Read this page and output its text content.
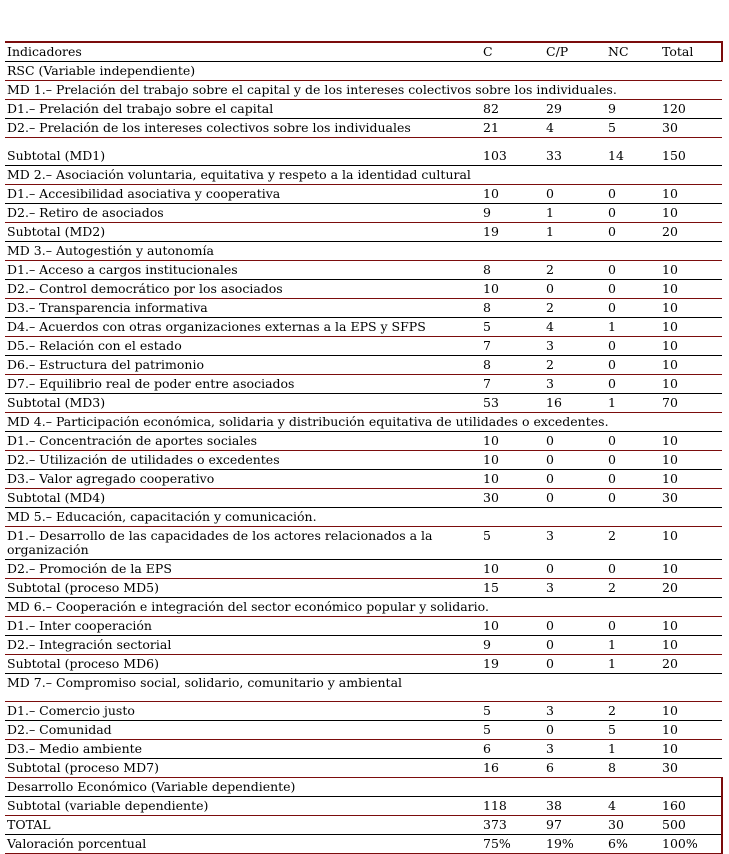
Indicadores	C	C/P	NC	Total
RSC (Variable independiente)				
MD 1.– Prelación del trabajo sobre el capital y de los intereses colectivos sobre los individuales.				
D1.– Prelación del trabajo sobre el capital	82	29	9	120
D2.– Prelación de los intereses colectivos sobre los individuales	21	4	5	30
Subtotal (MD1)	103	33	14	150
MD 2.– Asociación voluntaria, equitativa y respeto a la identidad cultural				
D1.– Accesibilidad asociativa y cooperativa	10	0	0	10
D2.– Retiro de asociados	9	1	0	10
Subtotal (MD2)	19	1	0	20
MD 3.– Autogestión y autonomía				
D1.– Acceso a cargos institucionales	8	2	0	10
D2.– Control democrático por los asociados	10	0	0	10
D3.– Transparencia informativa	8	2	0	10
D4.– Acuerdos con otras organizaciones externas a la EPS y SFPS	5	4	1	10
D5.– Relación con el estado	7	3	0	10
D6.– Estructura del patrimonio	8	2	0	10
D7.– Equilibrio real de poder entre asociados	7	3	0	10
Subtotal (MD3)	53	16	1	70
MD 4.– Participación económica, solidaria y distribución equitativa de utilidades o excedentes.				
D1.– Concentración de aportes sociales	10	0	0	10
D2.– Utilización de utilidades o excedentes	10	0	0	10
D3.– Valor agregado cooperativo	10	0	0	10
Subtotal (MD4)	30	0	0	30
MD 5.– Educación, capacitación y comunicación.				
D1.– Desarrollo de las capacidades de los actores relacionados a la organización	5	3	2	10
D2.– Promoción de la EPS	10	0	0	10
Subtotal (proceso MD5)	15	3	2	20
MD 6.– Cooperación e integración del sector económico popular y solidario.				
D1.– Inter cooperación	10	0	0	10
D2.– Integración sectorial	9	0	1	10
Subtotal (proceso MD6)	19	0	1	20
MD 7.– Compromiso social, solidario, comunitario y ambiental				
D1.– Comercio justo	5	3	2	10
D2.– Comunidad	5	0	5	10
D3.– Medio ambiente	6	3	1	10
Subtotal (proceso MD7)	16	6	8	30
Desarrollo Económico (Variable dependiente)				
Subtotal (variable dependiente)	118	38	4	160
TOTAL	373	97	30	500
Valoración porcentual	75%	19%	6%	100%
